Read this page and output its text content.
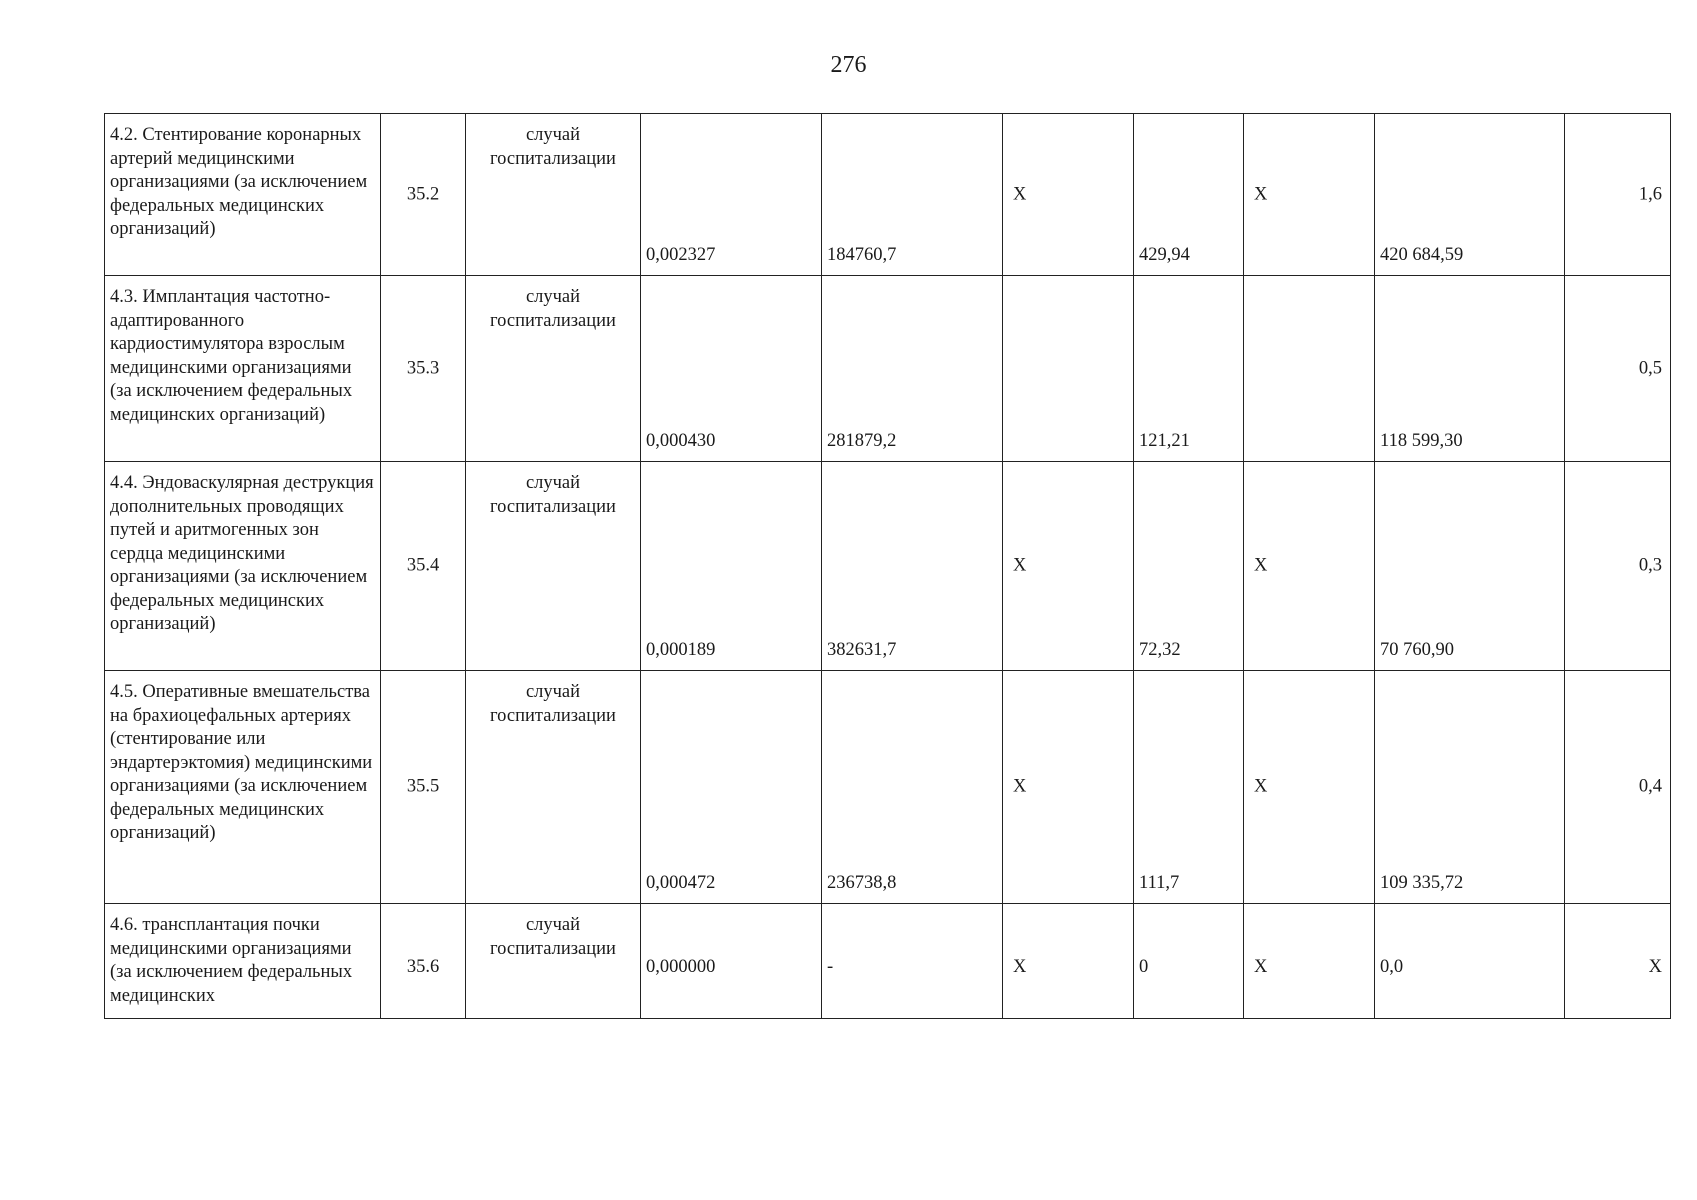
276
4.2. Стентирование коронарных артерий медицинскими организациями (за исключением федеральных медицинских организаций)	35.2	случай госпитализации	0,002327	184760,7	X	429,94	X	420 684,59	1,6

4.3. Имплантация частотно-адаптированного кардиостимулятора взрослым медицинскими организациями (за исключением федеральных медицинских организаций)	35.3	случай госпитализации	0,000430	281879,2		121,21		118 599,30	0,5

4.4. Эндоваскулярная деструкция дополнительных проводящих путей и аритмогенных зон сердца медицинскими организациями (за исключением федеральных медицинских организаций)	35.4	случай госпитализации	0,000189	382631,7	X	72,32	X	70 760,90	0,3

4.5. Оперативные вмешательства на брахиоцефальных артериях (стентирование или эндартерэктомия) медицинскими организациями (за исключением федеральных медицинских организаций)	35.5	случай госпитализации	0,000472	236738,8	X	111,7	X	109 335,72	0,4

4.6. трансплантация почки медицинскими организациями (за исключением федеральных медицинских	35.6	случай госпитализации	0,000000	-	X	0	X	0,0	X
